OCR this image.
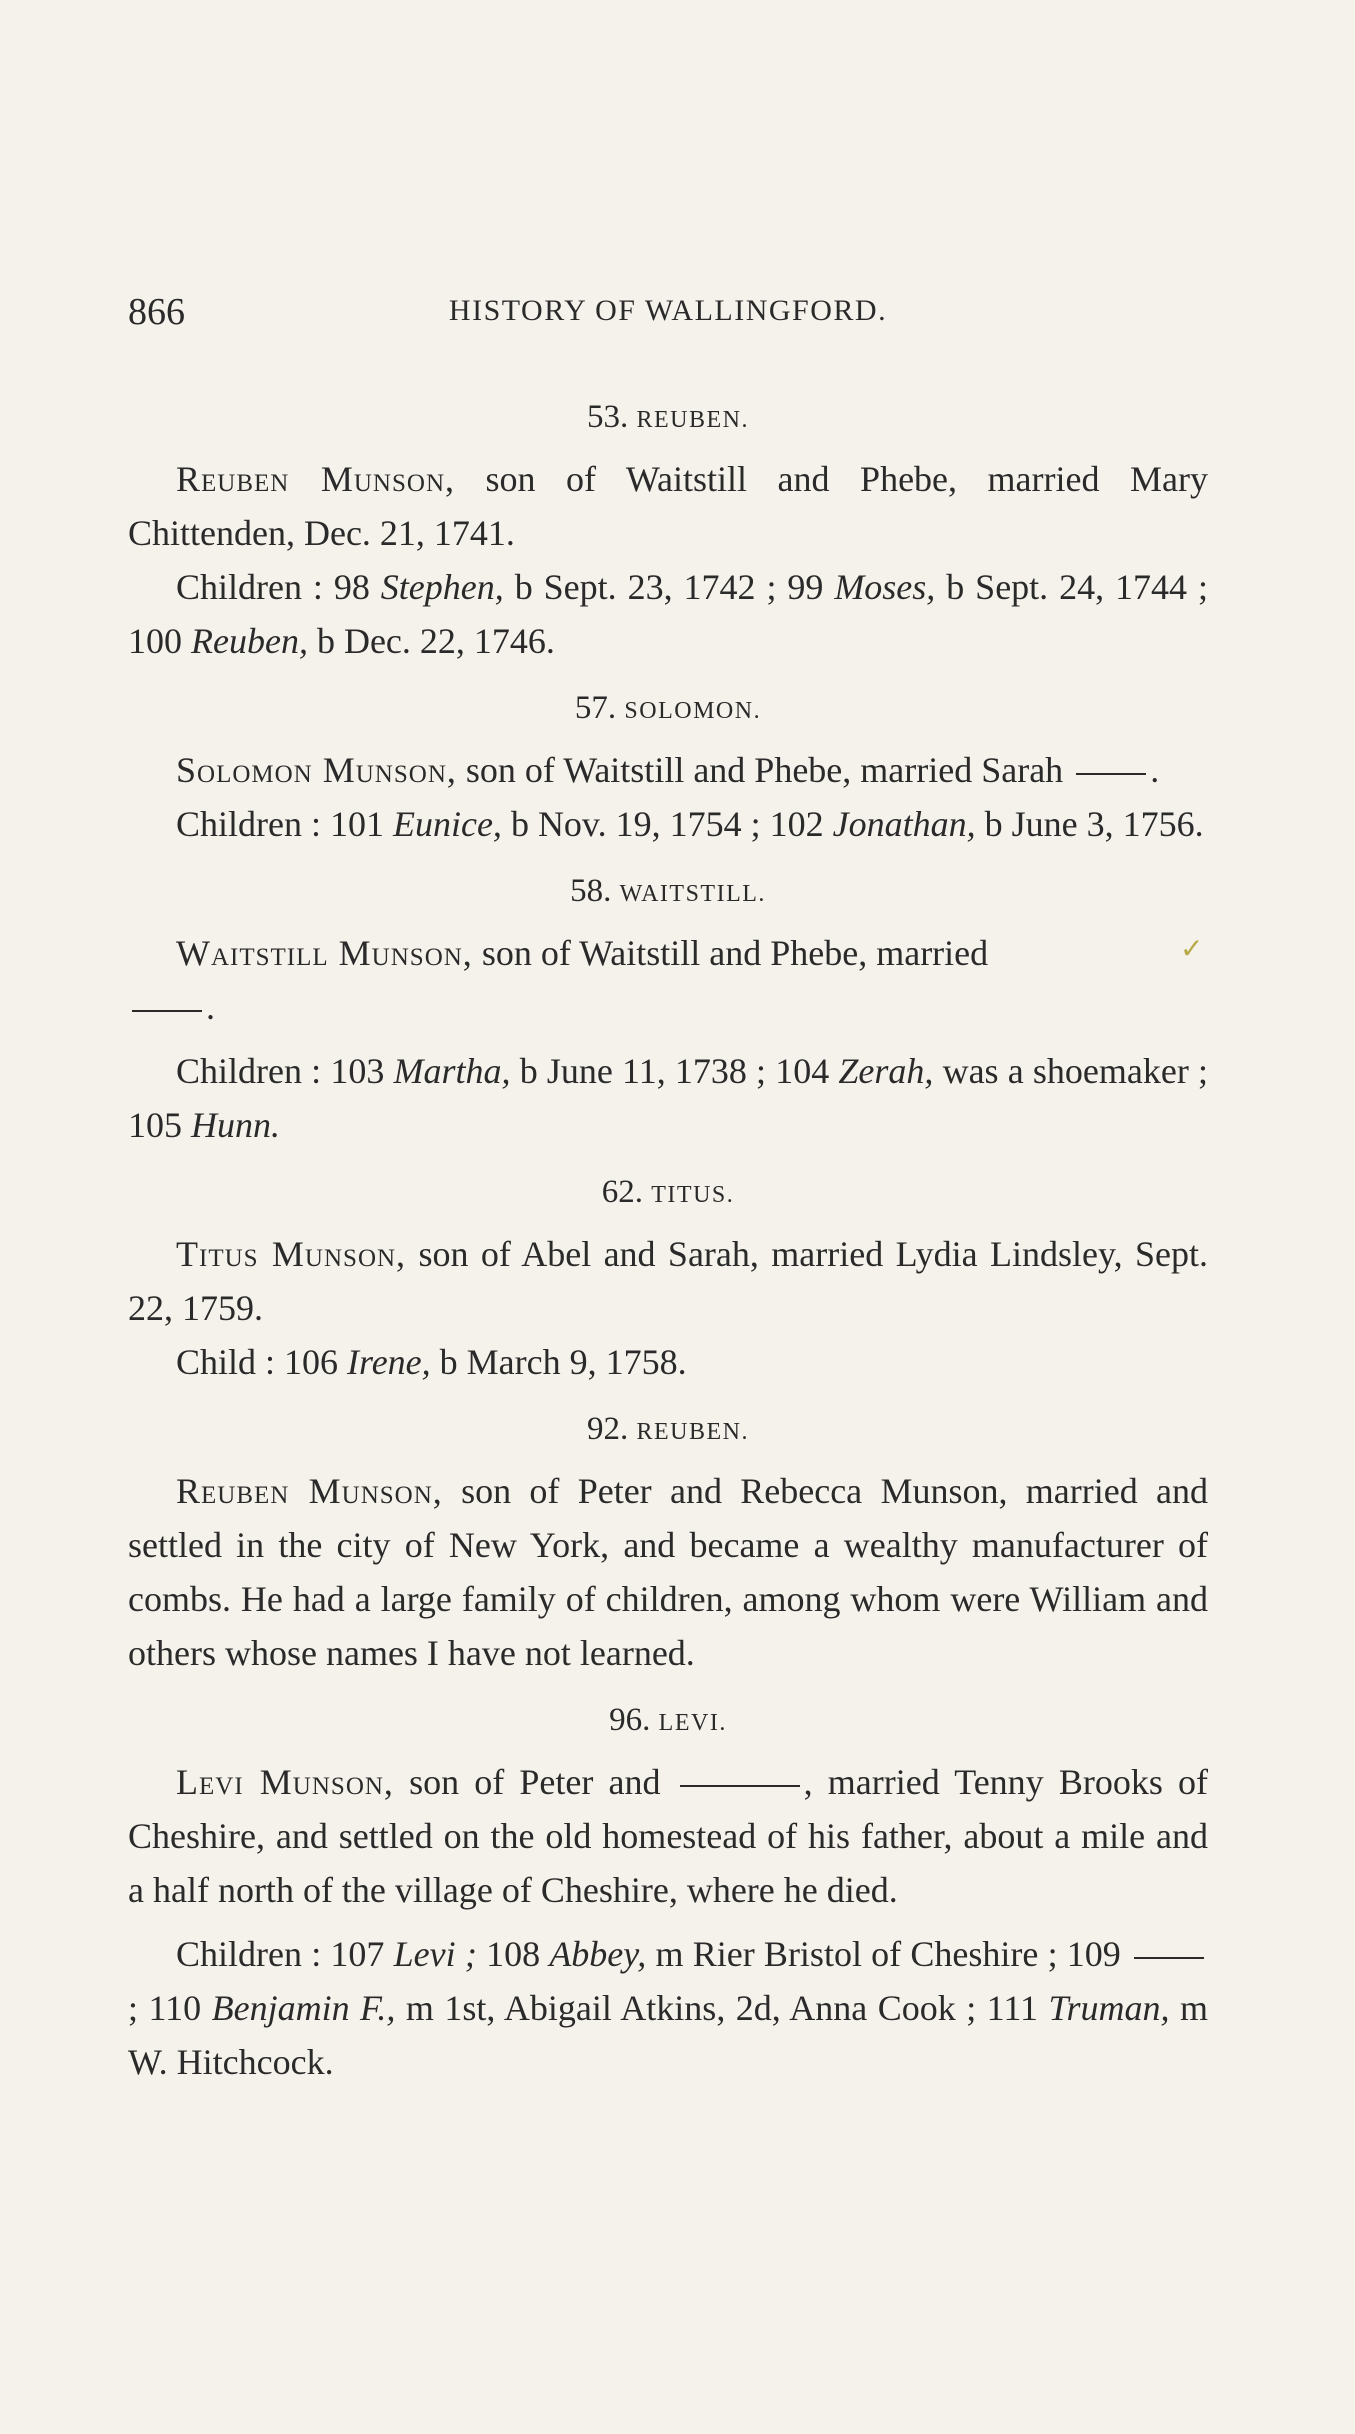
866	HISTORY OF WALLINGFORD.
✓

53. REUBEN.

Reuben Munson, son of Waitstill and Phebe, married Mary Chittenden, Dec. 21, 1741.

Children : 98 Stephen, b Sept. 23, 1742 ; 99 Moses, b Sept. 24, 1744 ; 100 Reuben, b Dec. 22, 1746.

57. SOLOMON.

Solomon Munson, son of Waitstill and Phebe, married Sarah .

Children : 101 Eunice, b Nov. 19, 1754 ; 102 Jonathan, b June 3, 1756.

58. WAITSTILL.

Waitstill Munson, son of Waitstill and Phebe, married

.

Children : 103 Martha, b June 11, 1738 ; 104 Zerah, was a shoemaker ; 105 Hunn.

62. TITUS.

Titus Munson, son of Abel and Sarah, married Lydia Lindsley, Sept. 22, 1759.

Child : 106 Irene, b March 9, 1758.

92. REUBEN.

Reuben Munson, son of Peter and Rebecca Munson, married and settled in the city of New York, and became a wealthy manufacturer of combs. He had a large family of children, among whom were William and others whose names I have not learned.

96. LEVI.

Levi Munson, son of Peter and	, married Tenny Brooks of Cheshire, and settled on the old homestead of his father, about a mile and a half north of the village of Cheshire, where he died.

Children : 107 Levi ; 108 Abbey, m Rier Bristol of Cheshire ; 109  ; 110 Benjamin F., m 1st, Abigail Atkins, 2d, Anna Cook ; 111 Truman, m W. Hitchcock.
